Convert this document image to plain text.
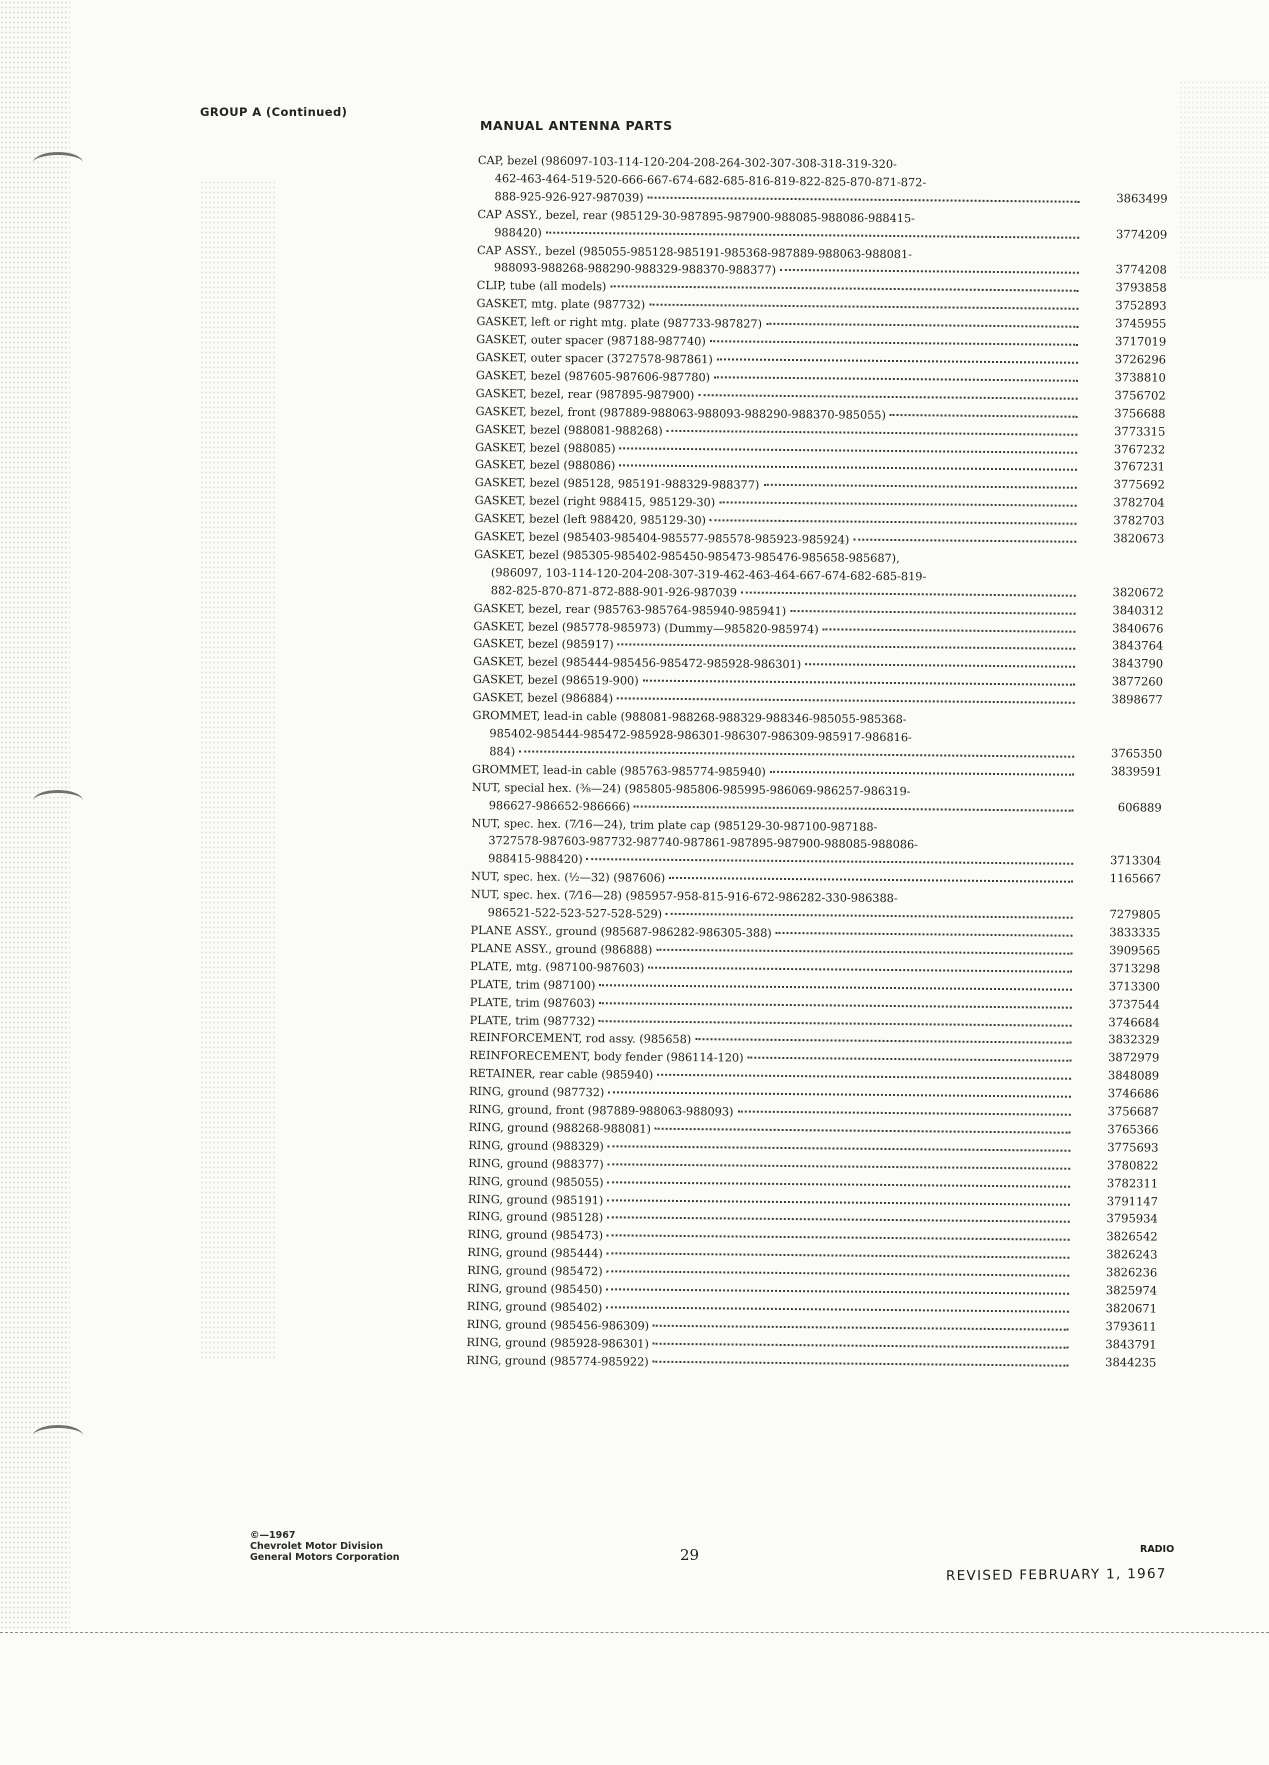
GROUP A (Continued)
MANUAL ANTENNA PARTS
CAP, bezel (986097-103-114-120-204-208-264-302-307-308-318-319-320-
462-463-464-519-520-666-667-674-682-685-816-819-822-825-870-871-872-
888-925-926-927-987039)	3863499
CAP ASSY., bezel, rear (985129-30-987895-987900-988085-988086-988415-
988420)	3774209
CAP ASSY., bezel (985055-985128-985191-985368-987889-988063-988081-
988093-988268-988290-988329-988370-988377)	3774208
CLIP, tube (all models)	3793858
GASKET, mtg. plate (987732)	3752893
GASKET, left or right mtg. plate (987733-987827)	3745955
GASKET, outer spacer (987188-987740)	3717019
GASKET, outer spacer (3727578-987861)	3726296
GASKET, bezel (987605-987606-987780)	3738810
GASKET, bezel, rear (987895-987900)	3756702
GASKET, bezel, front (987889-988063-988093-988290-988370-985055)	3756688
GASKET, bezel (988081-988268)	3773315
GASKET, bezel (988085)	3767232
GASKET, bezel (988086)	3767231
GASKET, bezel (985128, 985191-988329-988377)	3775692
GASKET, bezel (right 988415, 985129-30)	3782704
GASKET, bezel (left 988420, 985129-30)	3782703
GASKET, bezel (985403-985404-985577-985578-985923-985924)	3820673
GASKET, bezel (985305-985402-985450-985473-985476-985658-985687),
(986097, 103-114-120-204-208-307-319-462-463-464-667-674-682-685-819-
882-825-870-871-872-888-901-926-987039	3820672
GASKET, bezel, rear (985763-985764-985940-985941)	3840312
GASKET, bezel (985778-985973) (Dummy—985820-985974)	3840676
GASKET, bezel (985917)	3843764
GASKET, bezel (985444-985456-985472-985928-986301)	3843790
GASKET, bezel (986519-900)	3877260
GASKET, bezel (986884)	3898677
GROMMET, lead-in cable (988081-988268-988329-988346-985055-985368-
985402-985444-985472-985928-986301-986307-986309-985917-986816-
884)	3765350
GROMMET, lead-in cable (985763-985774-985940)	3839591
NUT, special hex. (⅜—24) (985805-985806-985995-986069-986257-986319-
986627-986652-986666)	606889
NUT, spec. hex. (7⁄16—24), trim plate cap (985129-30-987100-987188-
3727578-987603-987732-987740-987861-987895-987900-988085-988086-
988415-988420)	3713304
NUT, spec. hex. (½—32) (987606)	1165667
NUT, spec. hex. (7⁄16—28) (985957-958-815-916-672-986282-330-986388-
986521-522-523-527-528-529)	7279805
PLANE ASSY., ground (985687-986282-986305-388)	3833335
PLANE ASSY., ground (986888)	3909565
PLATE, mtg. (987100-987603)	3713298
PLATE, trim (987100)	3713300
PLATE, trim (987603)	3737544
PLATE, trim (987732)	3746684
REINFORCEMENT, rod assy. (985658)	3832329
REINFORECEMENT, body fender (986114-120)	3872979
RETAINER, rear cable (985940)	3848089
RING, ground (987732)	3746686
RING, ground, front (987889-988063-988093)	3756687
RING, ground (988268-988081)	3765366
RING, ground (988329)	3775693
RING, ground (988377)	3780822
RING, ground (985055)	3782311
RING, ground (985191)	3791147
RING, ground (985128)	3795934
RING, ground (985473)	3826542
RING, ground (985444)	3826243
RING, ground (985472)	3826236
RING, ground (985450)	3825974
RING, ground (985402)	3820671
RING, ground (985456-986309)	3793611
RING, ground (985928-986301)	3843791
RING, ground (985774-985922)	3844235
©—1967
Chevrolet Motor Division
General Motors Corporation	29	RADIO
REVISED FEBRUARY 1, 1967
